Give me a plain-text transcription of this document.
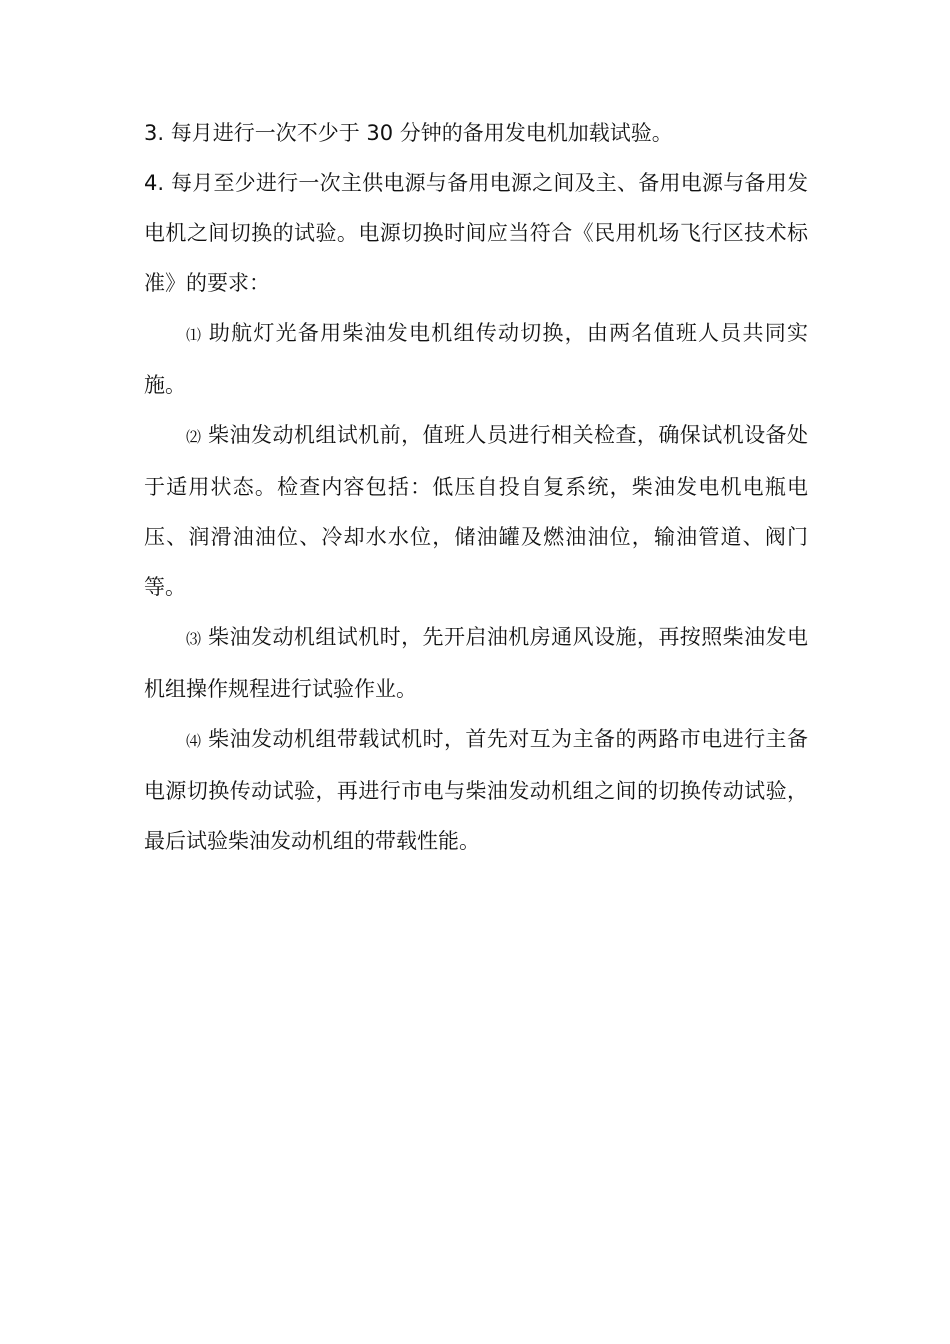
3. 每月进行一次不少于 30 分钟的备用发电机加载试验。

4. 每月至少进行一次主供电源与备用电源之间及主、备用电源与备用发电机之间切换的试验。电源切换时间应当符合《民用机场飞行区技术标准》的要求：

⑴ 助航灯光备用柴油发电机组传动切换，由两名值班人员共同实施。

⑵ 柴油发动机组试机前，值班人员进行相关检查，确保试机设备处于适用状态。检查内容包括：低压自投自复系统，柴油发电机电瓶电压、润滑油油位、冷却水水位，储油罐及燃油油位，输油管道、阀门等。

⑶ 柴油发动机组试机时，先开启油机房通风设施，再按照柴油发电机组操作规程进行试验作业。

⑷ 柴油发动机组带载试机时，首先对互为主备的两路市电进行主备电源切换传动试验，再进行市电与柴油发动机组之间的切换传动试验，最后试验柴油发动机组的带载性能。
